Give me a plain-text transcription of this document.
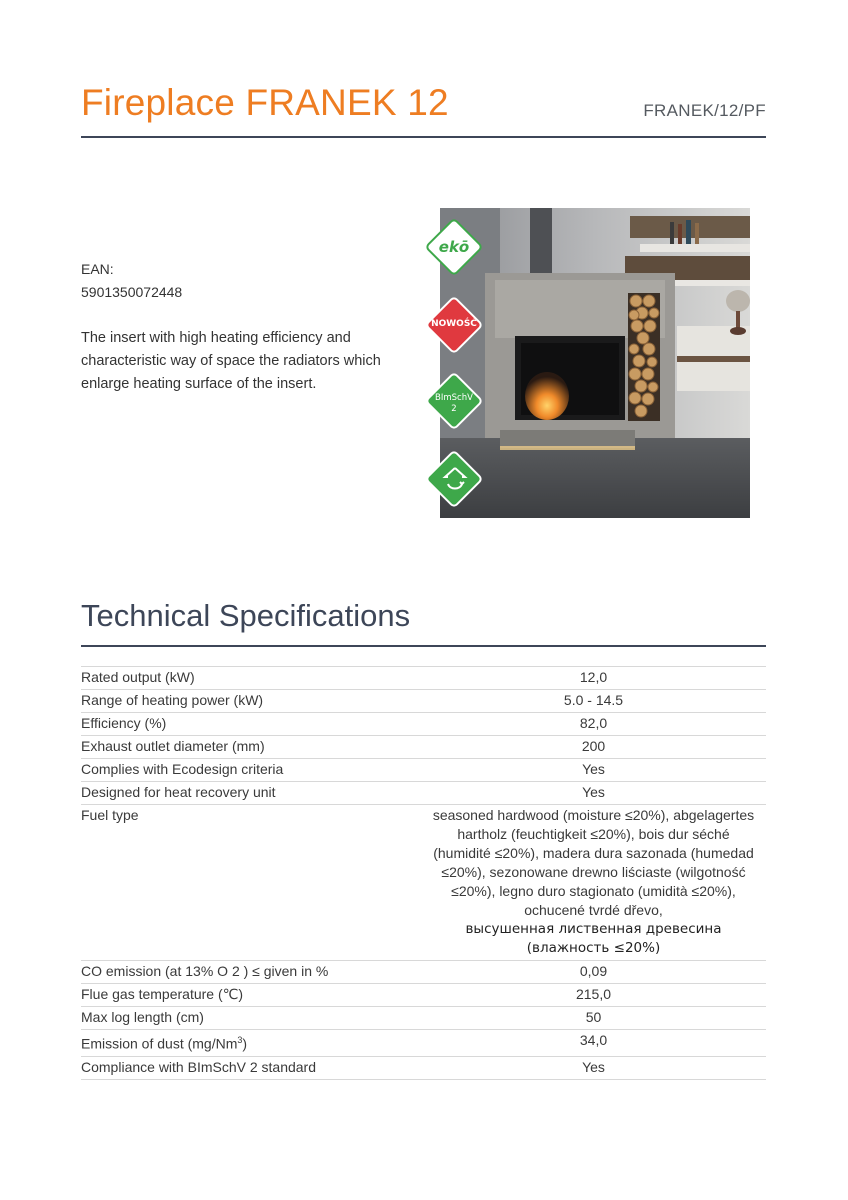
Fireplace FRANEK 12	FRANEK/12/PF
EAN:
5901350072448
The insert with high heating efficiency and characteristic way of space the radiators which enlarge heating surface of the insert.
ekō
NOWOŚĆ
BImSchV
2
Technical Specifications
Rated output (kW)	12,0
Range of heating power (kW)	5.0 - 14.5
Efficiency (%)	82,0
Exhaust outlet diameter (mm)	200
Complies with Ecodesign criteria	Yes
Designed for heat recovery unit	Yes
Fuel type	seasoned hardwood (moisture ≤20%), abgelagertes hartholz (feuchtigkeit ≤20%), bois dur séché (humidité ≤20%), madera dura sazonada (humedad ≤20%), sezonowane drewno liściaste (wilgotność ≤20%), legno duro stagionato (umidità ≤20%), ochucené tvrdé dřevo,
высушенная лиственная древесина (влажность ≤20%)

CO emission (at 13% O 2 ) ≤ given in %	0,09
Flue gas temperature (℃)	215,0
Max log length (cm)	50
Emission of dust (mg/Nm$^3$)	34,0
Compliance with BImSchV 2 standard	Yes
